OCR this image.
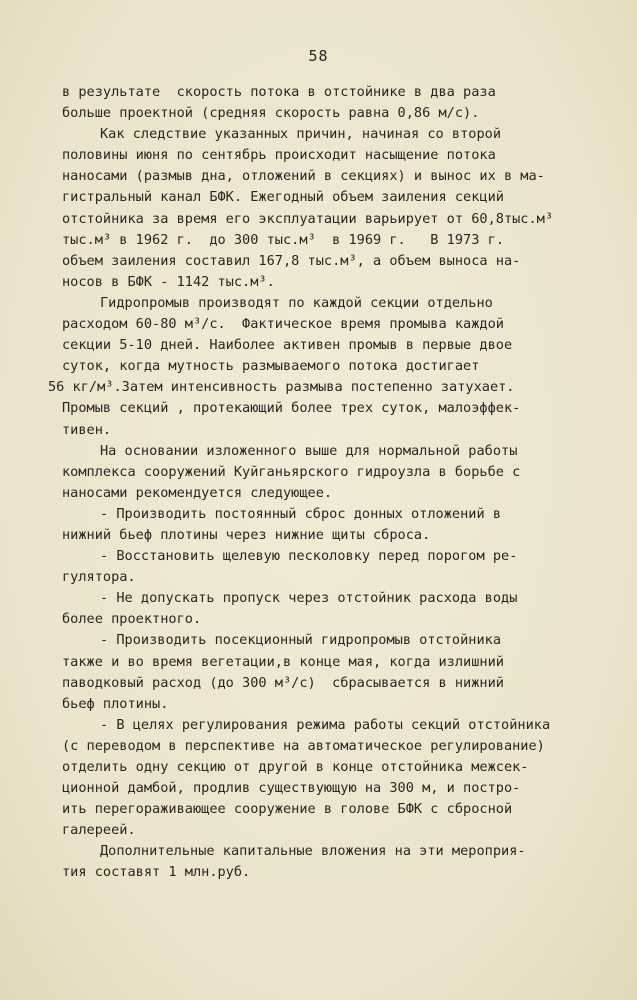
58
в результате  скорость потока в отстойнике в два раза
больше проектной (средняя скорость равна 0,86 м/с).
Как следствие указанных причин, начиная со второй
половины июня по сентябрь происходит насыщение потока
наносами (размыв дна, отложений в секциях) и вынос их в ма-
гистральный канал БФК. Ежегодный объем заиления секций
отстойника за время его эксплуатации варьирует от 60,8тыс.м³
тыс.м³ в 1962 г.  до 300 тыс.м³  в 1969 г.   В 1973 г.
объем заиления составил 167,8 тыс.м³, а объем выноса на-
носов в БФК - 1142 тыс.м³.
Гидропромыв производят по каждой секции отдельно
расходом 60-80 м³/с.  Фактическое время промыва каждой
секции 5-10 дней. Наиболее активен промыв в первые двое
суток, когда мутность размываемого потока достигает
56 кг/м³.Затем интенсивность размыва постепенно затухает.
Промыв секций , протекающий более трех суток, малоэффек-
тивен.
На основании изложенного выше для нормальной работы
комплекса сооружений Куйганьярского гидроузла в борьбе с
наносами рекомендуется следующее.
- Производить постоянный сброс донных отложений в
нижний бьеф плотины через нижние щиты сброса.
- Восстановить щелевую песколовку перед порогом ре-
гулятора.
- Не допускать пропуск через отстойник расхода воды
более проектного.
- Производить посекционный гидропромыв отстойника
также и во время вегетации,в конце мая, когда излишний
паводковый расход (до 300 м³/с)  сбрасывается в нижний
бьеф плотины.
- В целях регулирования режима работы секций отстойника
(с переводом в перспективе на автоматическое регулирование)
отделить одну секцию от другой в конце отстойника межсек-
ционной дамбой, продлив существующую на 300 м, и постро-
ить перегораживающее сооружение в голове БФК с сбросной
галереей.
Дополнительные капитальные вложения на эти мероприя-
тия составят 1 млн.руб.
